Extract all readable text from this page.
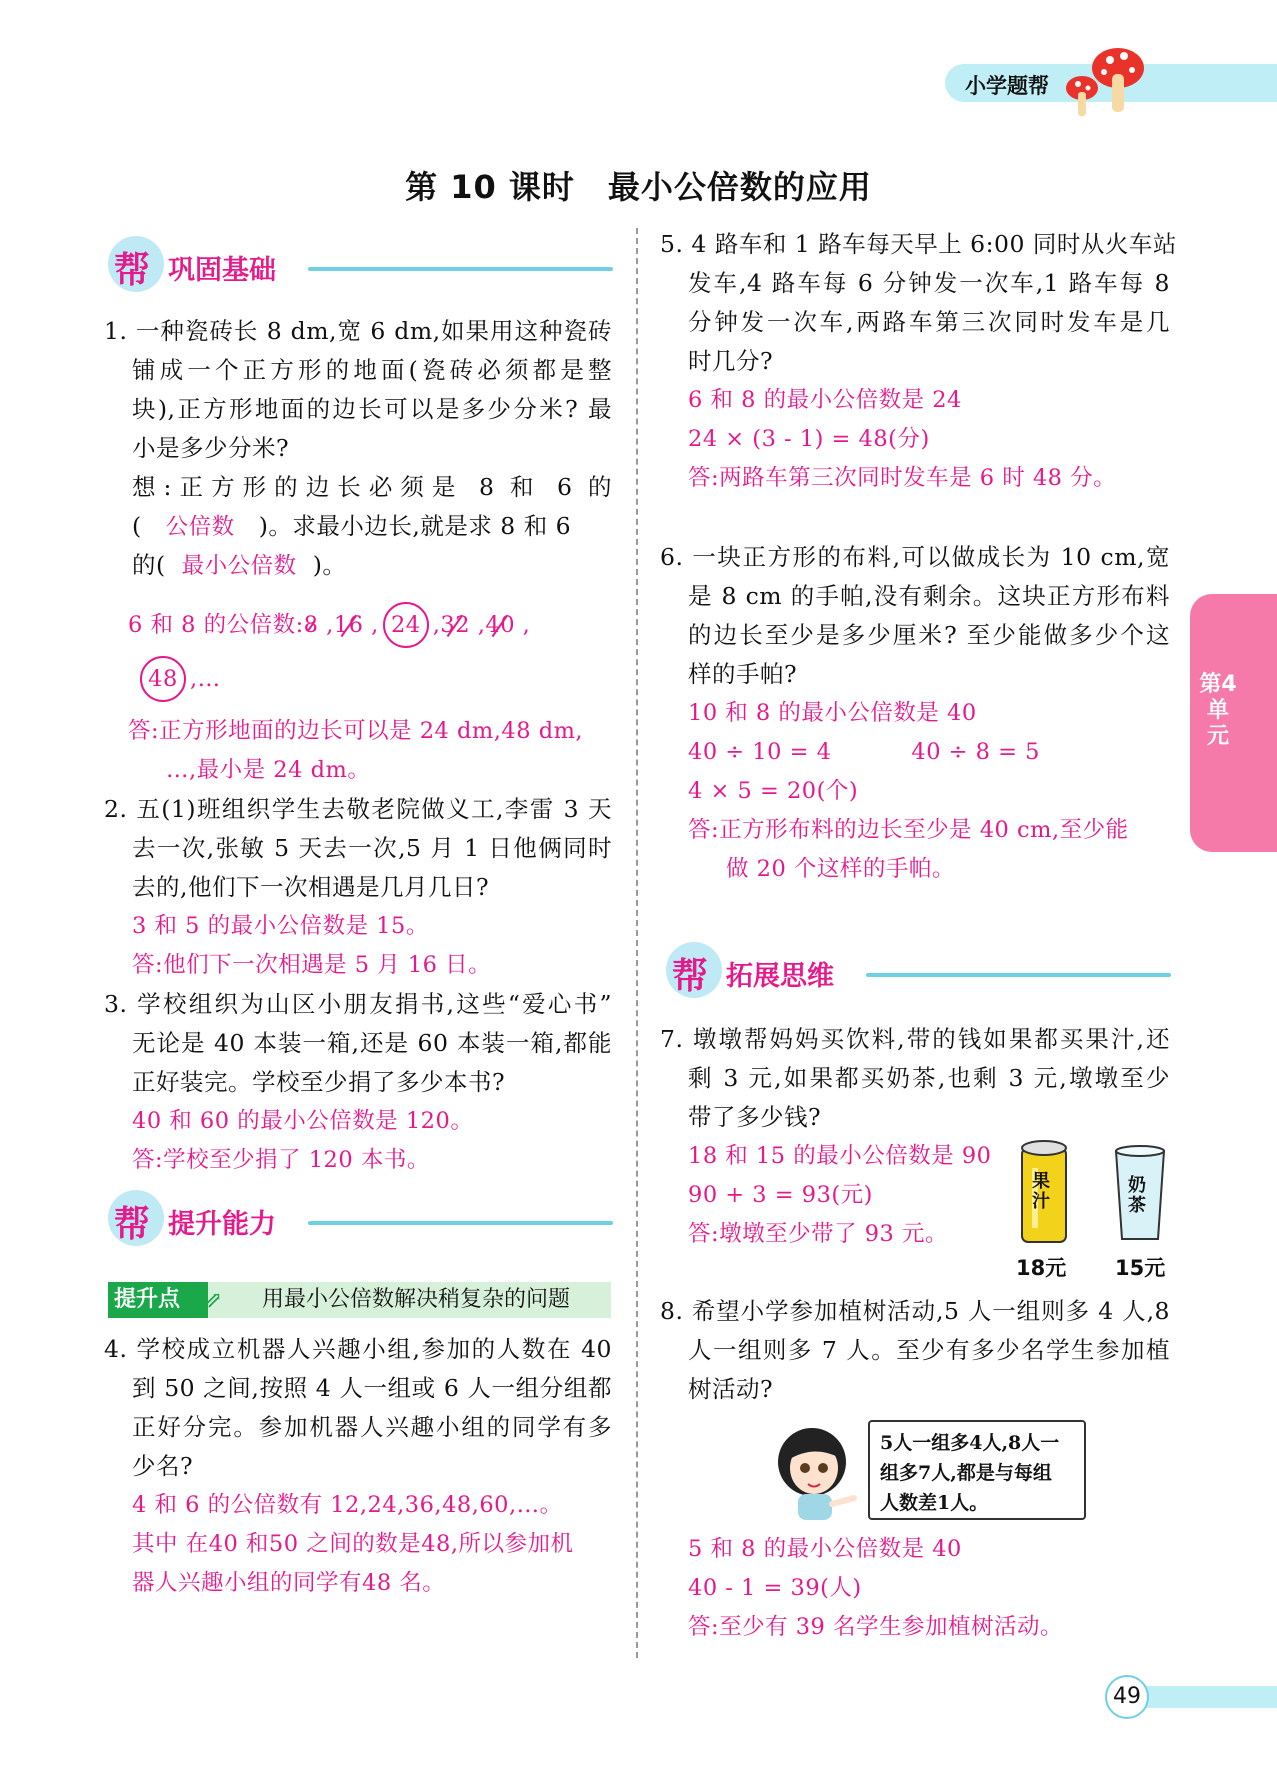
小学题帮
第 10 课时　最小公倍数的应用
第4单元
帮 巩固基础
1. 一种瓷砖长 8 dm,宽 6 dm,如果用这种瓷砖
铺成一个正方形的地面(瓷砖必须都是整
块),正方形地面的边长可以是多少分米? 最
小是多少分米?
想:正方形的边长必须是 8 和 6 的
( 公倍数 )。求最小边长,就是求 8 和 6
的( 最小公倍数 )。
6 和 8 的公倍数:8 ,16 , 24 ,32 ,40 ,
48 ,…
答:正方形地面的边长可以是 24 dm,48 dm,
…,最小是 24 dm。
2. 五(1)班组织学生去敬老院做义工,李雷 3 天
去一次,张敏 5 天去一次,5 月 1 日他俩同时
去的,他们下一次相遇是几月几日?
3 和 5 的最小公倍数是 15。
答:他们下一次相遇是 5 月 16 日。
3. 学校组织为山区小朋友捐书,这些“爱心书”
无论是 40 本装一箱,还是 60 本装一箱,都能
正好装完。学校至少捐了多少本书?
40 和 60 的最小公倍数是 120。
答:学校至少捐了 120 本书。
帮 提升能力
提升点	⇗ 用最小公倍数解决稍复杂的问题
4. 学校成立机器人兴趣小组,参加的人数在 40
到 50 之间,按照 4 人一组或 6 人一组分组都
正好分完。参加机器人兴趣小组的同学有多
少名?
4 和 6 的公倍数有 12,24,36,48,60,…。
其中 在40 和50 之间的数是48,所以参加机
器人兴趣小组的同学有48 名。
5. 4 路车和 1 路车每天早上 6:00 同时从火车站
发车,4 路车每 6 分钟发一次车,1 路车每 8
分钟发一次车,两路车第三次同时发车是几
时几分?
6 和 8 的最小公倍数是 24
24 × (3 - 1) = 48(分)
答:两路车第三次同时发车是 6 时 48 分。
6. 一块正方形的布料,可以做成长为 10 cm,宽
是 8 cm 的手帕,没有剩余。这块正方形布料
的边长至少是多少厘米? 至少能做多少个这
样的手帕?
10 和 8 的最小公倍数是 40
40 ÷ 10 = 4	40 ÷ 8 = 5
4 × 5 = 20(个)
答:正方形布料的边长至少是 40 cm,至少能
做 20 个这样的手帕。
帮 拓展思维
7. 墩墩帮妈妈买饮料,带的钱如果都买果汁,还
剩 3 元,如果都买奶茶,也剩 3 元,墩墩至少
带了多少钱?
18 和 15 的最小公倍数是 90
90 + 3 = 93(元)
答:墩墩至少带了 93 元。
果汁
18元
奶茶
15元
8. 希望小学参加植树活动,5 人一组则多 4 人,8
人一组则多 7 人。至少有多少名学生参加植
树活动?
5人一组多4人,8人一
组多7人,都是与每组
人数差1人。
5 和 8 的最小公倍数是 40
40 - 1 = 39(人)
答:至少有 39 名学生参加植树活动。
49
